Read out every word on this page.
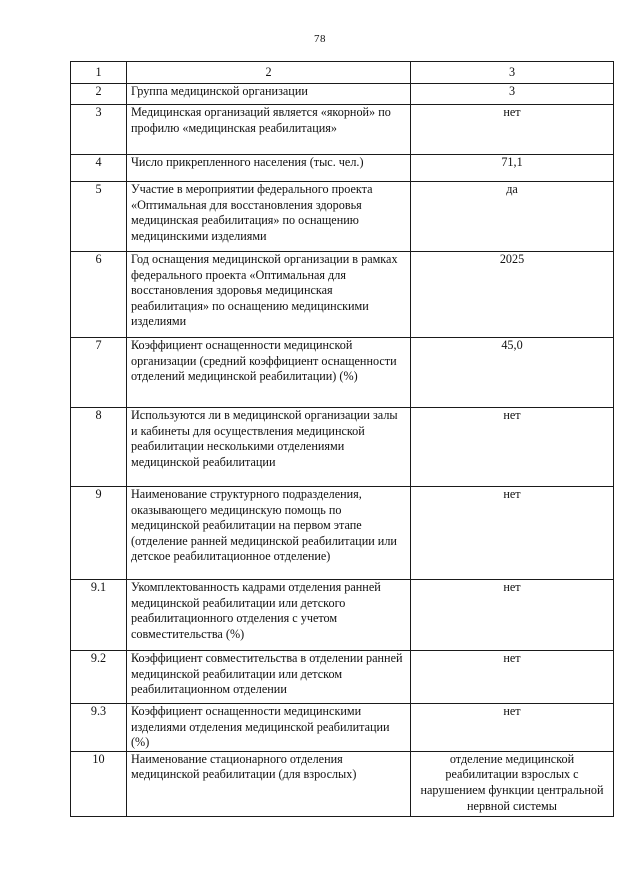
78
1	2	3
2	Группа медицинской организации	3
3	Медицинская организаций является «якорной» по профилю «медицинская реабилитация»	нет
4	Число прикрепленного населения (тыс. чел.)	71,1
5	Участие в мероприятии федерального проекта «Оптимальная для восстановления здоровья медицинская реабилитация» по оснащению медицинскими изделиями	да
6	Год оснащения медицинской организации в рамках федерального проекта «Оптимальная для восстановления здоровья медицинская реабилитация» по оснащению медицинскими изделиями	2025
7	Коэффициент оснащенности медицинской организации (средний коэффициент оснащенности отделений медицинской реабилитации) (%)	45,0
8	Используются ли в медицинской организации залы и кабинеты для осуществления медицинской реабилитации несколькими отделениями медицинской реабилитации	нет
9	Наименование структурного подразделения, оказывающего медицинскую помощь по медицинской реабилитации на первом этапе (отделение ранней медицинской реабилитации или детское реабилитационное отделение)	нет
9.1	Укомплектованность кадрами отделения ранней медицинской реабилитации или детского реабилитационного отделения с учетом совместительства (%)	нет
9.2	Коэффициент совместительства в отделении ранней медицинской реабилитации или детском реабилитационном отделении	нет
9.3	Коэффициент оснащенности медицинскими изделиями отделения медицинской реабилитации (%)	нет
10	Наименование стационарного отделения медицинской реабилитации (для взрослых)	отделение медицинской реабилитации взрослых с нарушением функции центральной нервной системы
